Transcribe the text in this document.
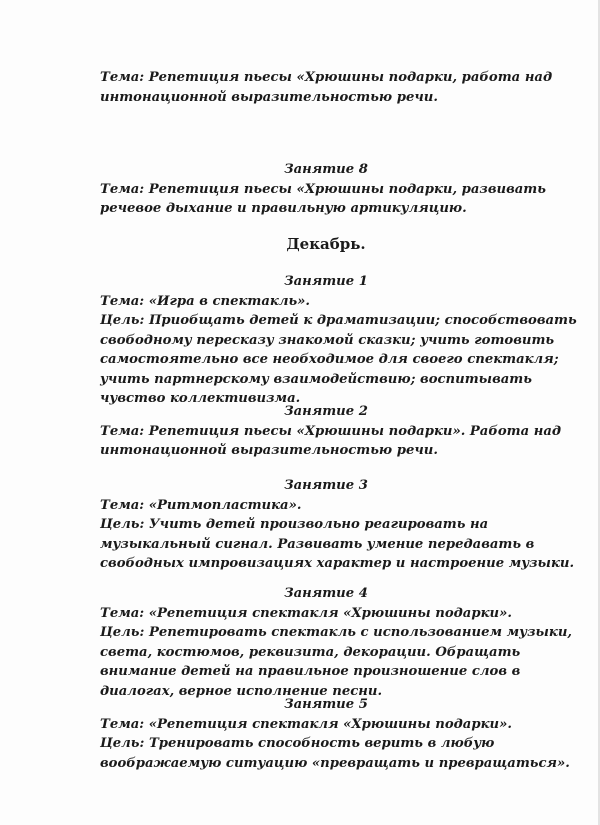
Тема: Репетиция пьесы «Хрюшины подарки, работа над
интонационной выразительностью речи.
Занятие 8
Тема: Репетиция пьесы «Хрюшины подарки, развивать
речевое дыхание и правильную артикуляцию.
Декабрь.
Занятие 1
Тема: «Игра в спектакль».
Цель: Приобщать детей к драматизации; способствовать
свободному пересказу знакомой сказки; учить готовить
самостоятельно все необходимое для своего спектакля;
учить партнерскому взаимодействию; воспитывать
чувство коллективизма.
Занятие 2
Тема: Репетиция пьесы «Хрюшины подарки». Работа над
интонационной выразительностью речи.
Занятие 3
Тема: «Ритмопластика».
Цель: Учить детей произвольно реагировать на
музыкальный сигнал. Развивать умение передавать в
свободных импровизациях характер и настроение музыки.
Занятие 4
Тема: «Репетиция спектакля «Хрюшины подарки».
Цель: Репетировать спектакль с использованием музыки,
света, костюмов, реквизита, декорации. Обращать
внимание детей на правильное произношение слов в
диалогах, верное исполнение песни.
Занятие 5
Тема: «Репетиция спектакля «Хрюшины подарки».
Цель: Тренировать способность верить в любую
воображаемую ситуацию «превращать и превращаться».
